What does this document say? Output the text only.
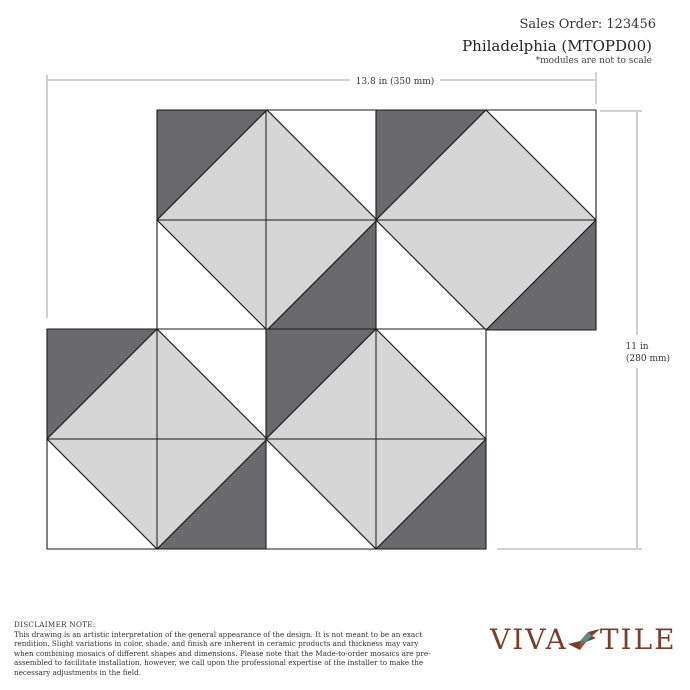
Sales Order: 123456
Philadelphia (MTOPD00)
*modules are not to scale
13.8 in (350 mm)
11 in
(280 mm)
DISCLAIMER NOTE:
This drawing is an artistic interpretation of the general appearance of the design. It is not meant to be an exact rendition. Slight variations in color, shade, and finish are inherent in ceramic products and thickness may vary when combining mosaics of different shapes and dimensions. Please note that the Made-to-order mosaics are pre-assembled to facilitate installation, however, we call upon the professional expertise of the installer to make the necessary adjustments in the field.
VIVA TILE
